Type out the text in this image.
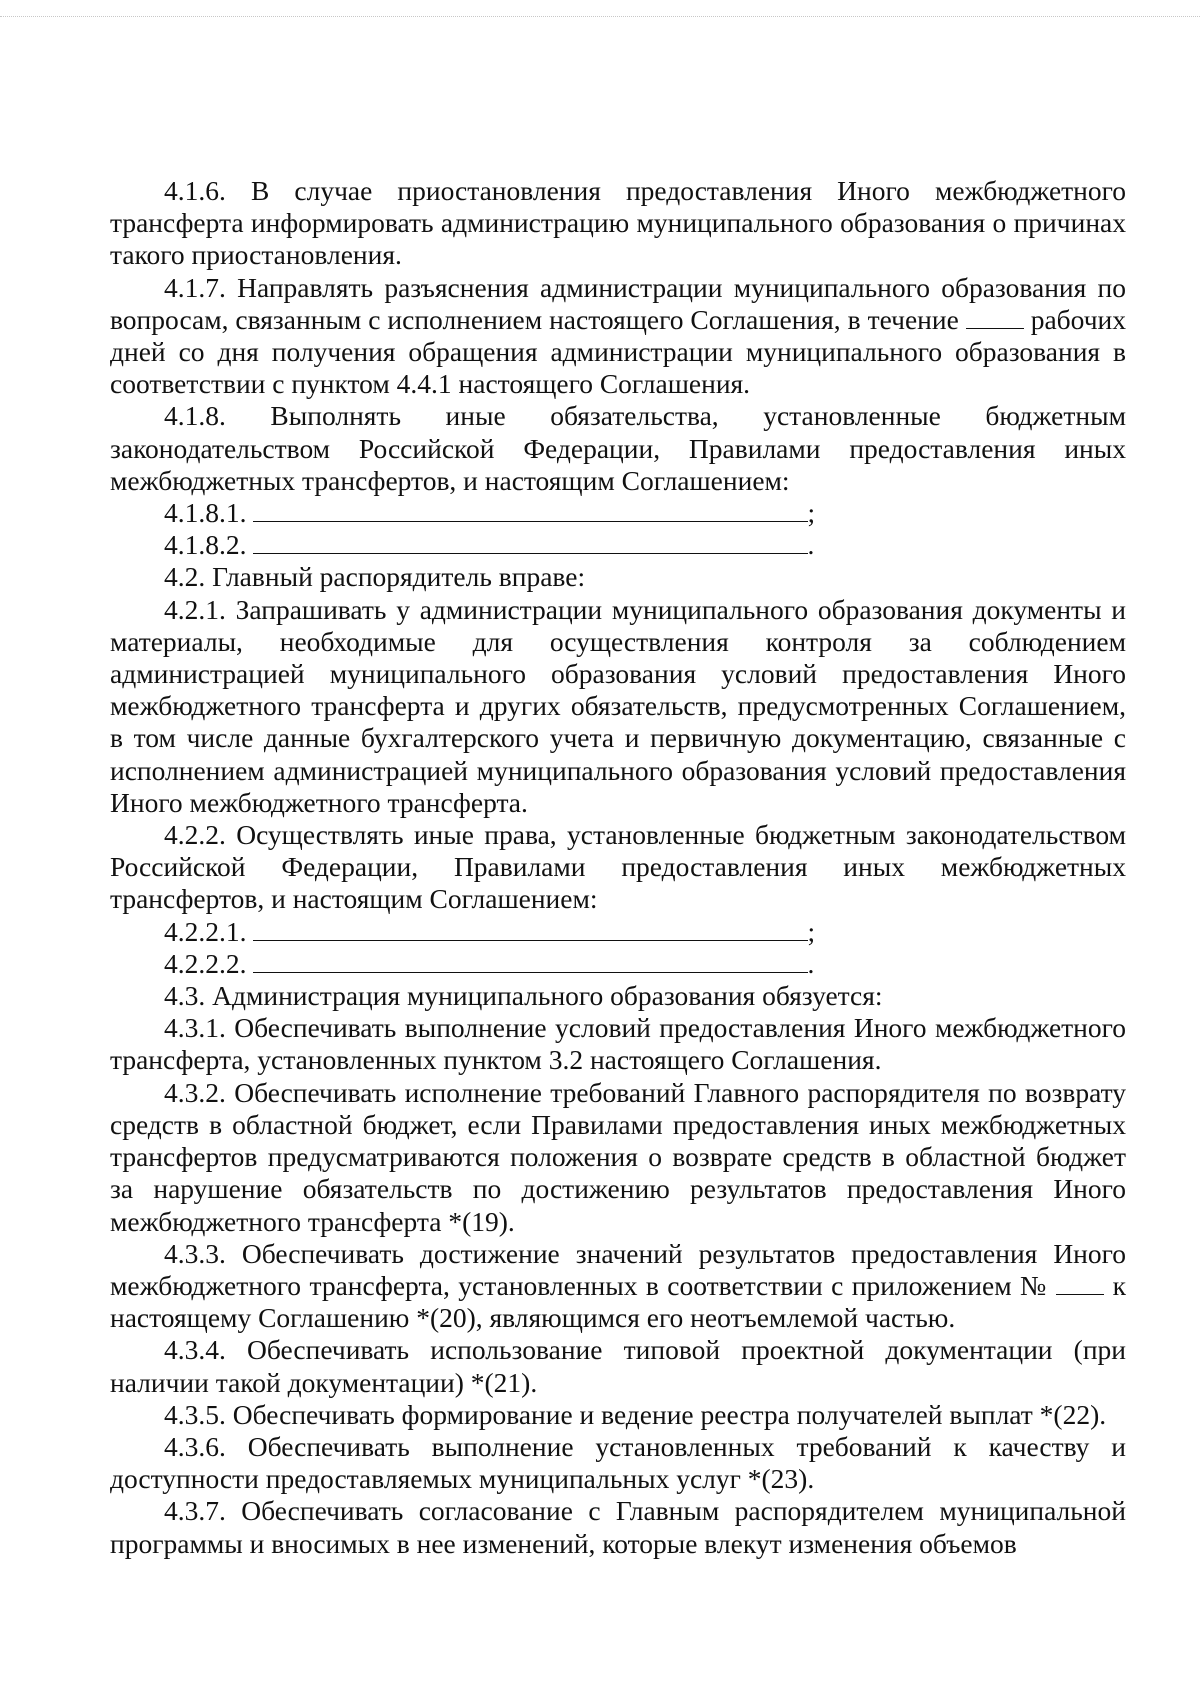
4.1.6. В случае приостановления предоставления Иного межбюджетного трансферта информировать администрацию муниципального образования о причинах такого приостановления.

4.1.7. Направлять разъяснения администрации муниципального образования по вопросам, связанным с исполнением настоящего Соглашения, в течение  рабочих дней со дня получения обращения администрации муниципального образования в соответствии с пунктом 4.4.1 настоящего Соглашения.

4.1.8. Выполнять иные обязательства, установленные бюджетным законодательством Российской Федерации, Правилами предоставления иных межбюджетных трансфертов, и настоящим Соглашением:

4.1.8.1.	;

4.1.8.2.	.

4.2. Главный распорядитель вправе:

4.2.1. Запрашивать у администрации муниципального образования документы и материалы, необходимые для осуществления контроля за соблюдением администрацией муниципального образования условий предоставления Иного межбюджетного трансферта и других обязательств, предусмотренных Соглашением, в том числе данные бухгалтерского учета и первичную документацию, связанные с исполнением администрацией муниципального образования условий предоставления Иного межбюджетного трансферта.

4.2.2. Осуществлять иные права, установленные бюджетным законодательством Российской Федерации, Правилами предоставления иных межбюджетных трансфертов, и настоящим Соглашением:

4.2.2.1.	;

4.2.2.2.	.

4.3. Администрация муниципального образования обязуется:

4.3.1. Обеспечивать выполнение условий предоставления Иного межбюджетного трансферта, установленных пунктом 3.2 настоящего Соглашения.

4.3.2. Обеспечивать исполнение требований Главного распорядителя по возврату средств в областной бюджет, если Правилами предоставления иных межбюджетных трансфертов предусматриваются положения о возврате средств в областной бюджет за нарушение обязательств по достижению результатов предоставления Иного межбюджетного трансферта *(19).

4.3.3. Обеспечивать достижение значений результатов предоставления Иного межбюджетного трансферта, установленных в соответствии с приложением №  к настоящему Соглашению *(20), являющимся его неотъемлемой частью.

4.3.4. Обеспечивать использование типовой проектной документации (при наличии такой документации) *(21).

4.3.5. Обеспечивать формирование и ведение реестра получателей выплат *(22).

4.3.6. Обеспечивать выполнение установленных требований к качеству и доступности предоставляемых муниципальных услуг *(23).

4.3.7. Обеспечивать согласование с Главным распорядителем муниципальной программы и вносимых в нее изменений, которые влекут изменения объемов
